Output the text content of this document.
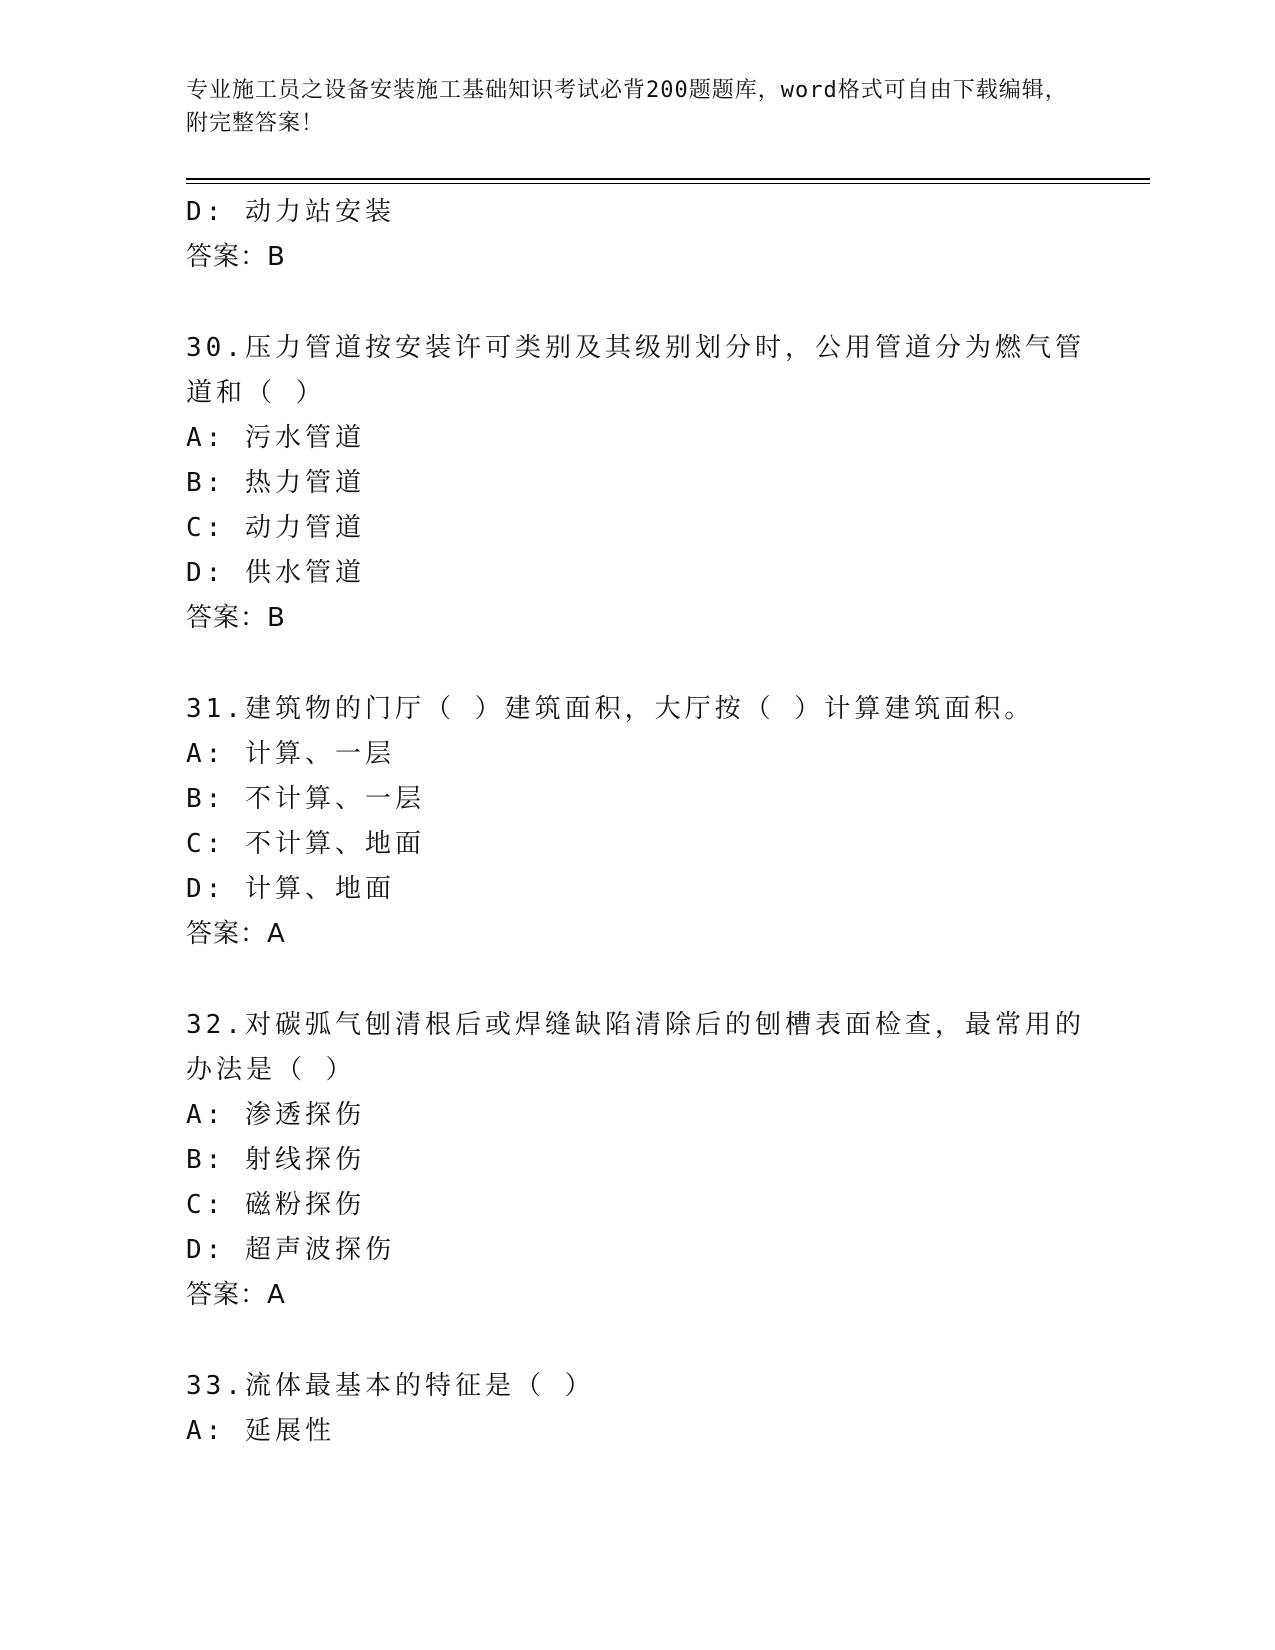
专业施工员之设备安装施工基础知识考试必背200题题库，word格式可自由下载编辑，附完整答案！
D: 动力站安装
答案：B
30.压力管道按安装许可类别及其级别划分时，公用管道分为燃气管道和（ ）
A: 污水管道
B: 热力管道
C: 动力管道
D: 供水管道
答案：B
31.建筑物的门厅（ ）建筑面积，大厅按（ ）计算建筑面积。
A: 计算、一层
B: 不计算、一层
C: 不计算、地面
D: 计算、地面
答案：A
32.对碳弧气刨清根后或焊缝缺陷清除后的刨槽表面检查，最常用的办法是（ ）
A: 渗透探伤
B: 射线探伤
C: 磁粉探伤
D: 超声波探伤
答案：A
33.流体最基本的特征是（ ）
A: 延展性
